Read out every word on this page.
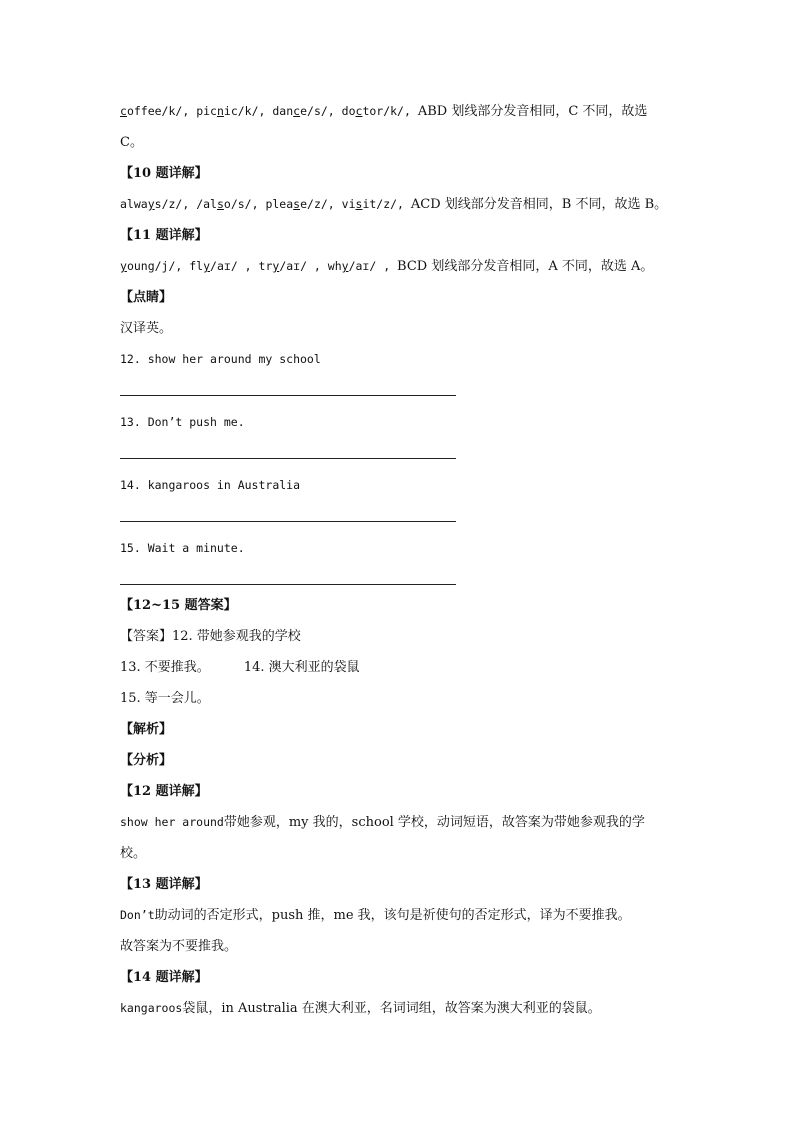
coffee/k/, picnic/k/, dance/s/, doctor/k/, ABD 划线部分发音相同，C 不同，故选
C。
【10 题详解】
always/z/, /also/s/, please/z/, visit/z/, ACD 划线部分发音相同，B 不同，故选 B。
【11 题详解】
young/j/, fly/aɪ/ , try/aɪ/ , why/aɪ/ , BCD 划线部分发音相同，A 不同，故选 A。
【点睛】
汉译英。
12. show her around my school
13. Don’t push me.
14. kangaroos in Australia
15. Wait a minute.
【12~15 题答案】
【答案】12. 带她参观我的学校
13. 不要推我。	14. 澳大利亚的袋鼠
15. 等一会儿。
【解析】
【分析】
【12 题详解】
show her around带她参观，my 我的，school 学校，动词短语，故答案为带她参观我的学
校。
【13 题详解】
Don’t助动词的否定形式，push 推，me 我，该句是祈使句的否定形式，译为不要推我。
故答案为不要推我。
【14 题详解】
kangaroos袋鼠，in Australia 在澳大利亚，名词词组，故答案为澳大利亚的袋鼠。
